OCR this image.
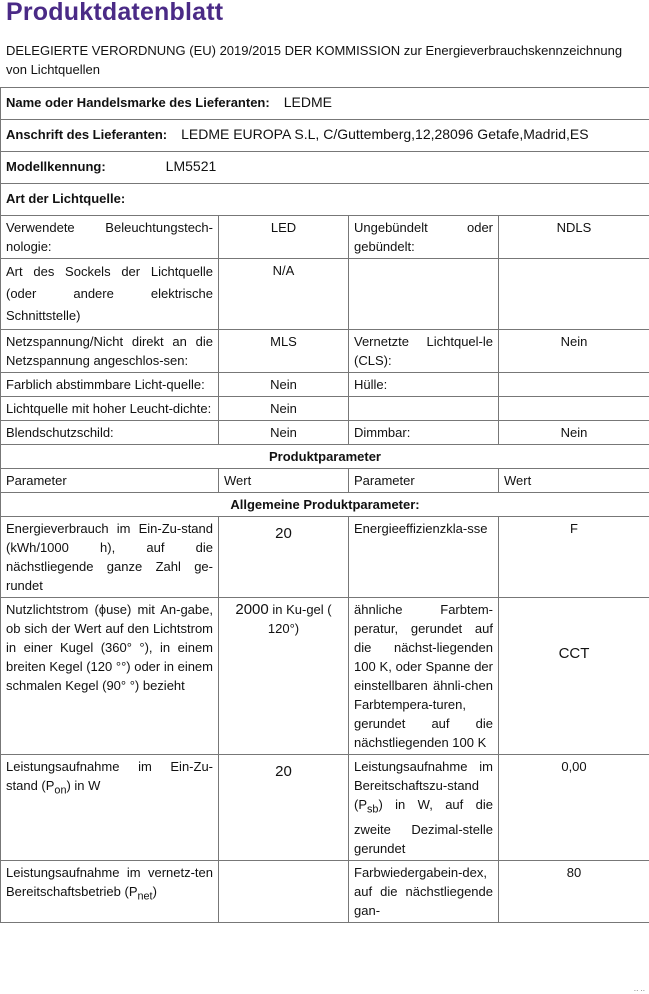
Produktdatenblatt
DELEGIERTE VERORDNUNG (EU) 2019/2015 DER KOMMISSION zur Energieverbrauchskennzeichnung von Lichtquellen
Name oder Handelsmarke des Lieferanten: LEDME			
Anschrift des Lieferanten: LEDME EUROPA S.L, C/Guttemberg,12,28096 Getafe,Madrid,ES			
Modellkennung: LM5521			
Art der Lichtquelle:			
Verwendete Beleuchtungstech-nologie:	LED	Ungebündelt oder gebündelt:	NDLS
Art des Sockels der Lichtquelle (oder andere elektrische Schnittstelle)	N/A		
Netzspannung/Nicht direkt an die Netzspannung angeschlos-sen:	MLS	Vernetzte Lichtquel-le (CLS):	Nein
Farblich abstimmbare Licht-quelle:	Nein	Hülle:	
Lichtquelle mit hoher Leucht-dichte:	Nein		
Blendschutzschild:	Nein	Dimmbar:	Nein
Produktparameter			
Parameter	Wert	Parameter	Wert
Allgemeine Produktparameter:			
Energieverbrauch im Ein-Zu-stand (kWh/1000 h), auf die nächstliegende ganze Zahl ge-rundet	20	Energieeffizienzkla-sse	F
Nutzlichtstrom (ϕuse) mit An-gabe, ob sich der Wert auf den Lichtstrom in einer Kugel (360° °), in einem breiten Kegel (120 °°) oder in einem schmalen Kegel (90° °) bezieht	2000 in Ku-gel ( 120°)	ähnliche Farbtem-peratur, gerundet auf die nächst-liegenden 100 K, oder Spanne der einstellbaren ähnli-chen Farbtempera-turen, gerundet auf die nächstliegenden 100 K	CCT
Leistungsaufnahme im Ein-Zu-stand $(P_{on})$ in W	20	Leistungsaufnahme im Bereitschaftszu-stand $(P_{sb})$ in W, auf die zweite Dezimal-stelle gerundet	0,00
Leistungsaufnahme im vernetz-ten Bereitschaftsbetrieb $(P_{net})$		Farbwiedergabein-dex, auf die nächstliegende gan-	80
‥ ‥
